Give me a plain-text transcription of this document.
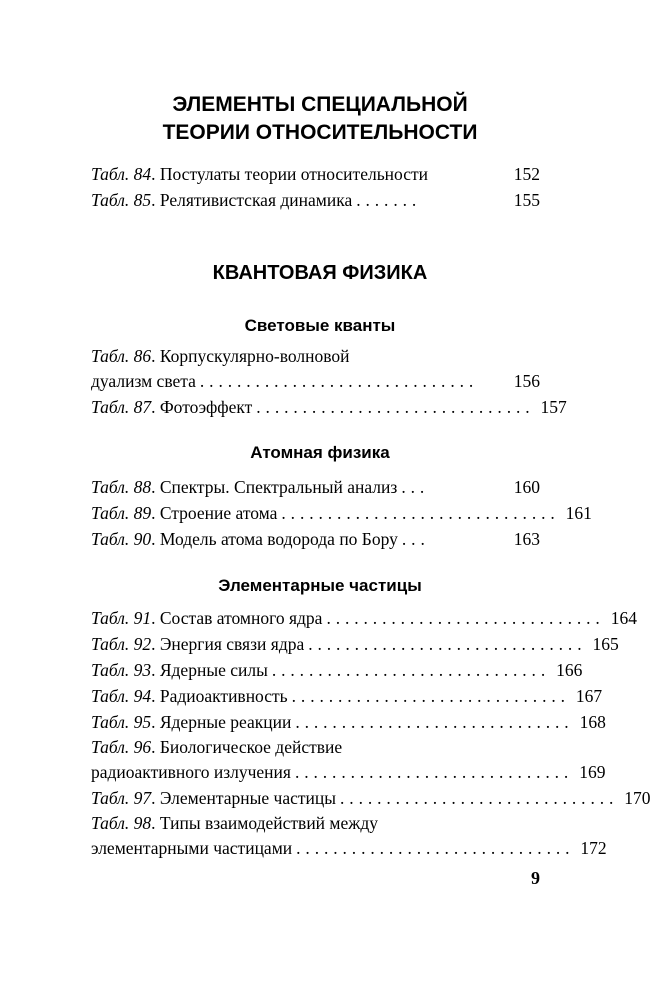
ЭЛЕМЕНТЫ СПЕЦИАЛЬНОЙ
ТЕОРИИ ОТНОСИТЕЛЬНОСТИ
Табл. 84 . Постулаты теории относительности	152
Табл. 85 . Релятивистская динамика .......	155
КВАНТОВАЯ ФИЗИКА
Световые кванты
Табл. 86. Корпускулярно-волновой
дуализм света ..............................	156
Табл. 87 . Фотоэффект .............................. 157
Атомная физика
Табл. 88 . Спектры. Спектральный анализ ...	160
Табл. 89 . Строение атома .............................. 161
Табл. 90 . Модель атома водорода по Бору ...	163
Элементарные частицы
Табл. 91 . Состав атомного ядра .............................. 164
Табл. 92 . Энергия связи ядра .............................. 165
Табл. 93 . Ядерные силы .............................. 166
Табл. 94 . Радиоактивность .............................. 167
Табл. 95 . Ядерные реакции .............................. 168
Табл. 96. Биологическое действие
радиоактивного излучения .............................. 169
Табл. 97 . Элементарные частицы .............................. 170
Табл. 98. Типы взаимодействий между
элементарными частицами .............................. 172
9
